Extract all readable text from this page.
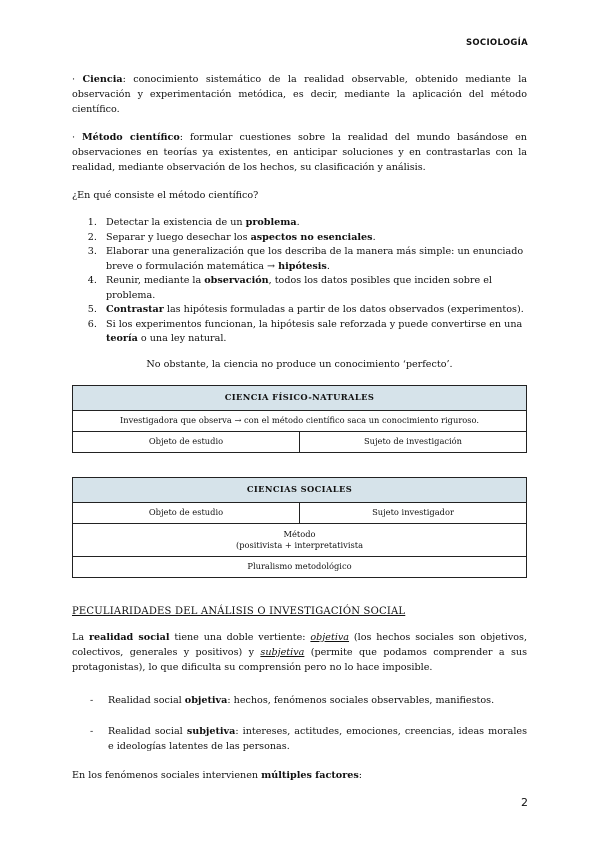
SOCIOLOGÍA

· Ciencia: conocimiento sistemático de la realidad observable, obtenido mediante la observación y experimentación metódica, es decir, mediante la aplicación del método científico.

· Método científico: formular cuestiones sobre la realidad del mundo basándose en observaciones en teorías ya existentes, en anticipar soluciones y en contrastarlas con la realidad, mediante observación de los hechos, su clasificación y análisis.

¿En qué consiste el método científico?

1. Detectar la existencia de un problema.
2. Separar y luego desechar los aspectos no esenciales.
3. Elaborar una generalización que los describa de la manera más simple: un enunciado breve o formulación matemática → hipótesis.
4. Reunir, mediante la observación, todos los datos posibles que inciden sobre el problema.
5. Contrastar las hipótesis formuladas a partir de los datos observados (experimentos).
6. Si los experimentos funcionan, la hipótesis sale reforzada y puede convertirse en una teoría o una ley natural.

No obstante, la ciencia no produce un conocimiento ‘perfecto’.

CIENCIA FÍSICO-NATURALES
Investigadora que observa → con el método científico saca un conocimiento riguroso.
Objeto de estudio	Sujeto de investigación
CIENCIAS SOCIALES
Objeto de estudio	Sujeto investigador

Método
(positivista + interpretativista

Pluralismo metodológico
PECULIARIDADES DEL ANÁLISIS O INVESTIGACIÓN SOCIAL

La realidad social tiene una doble vertiente: objetiva (los hechos sociales son objetivos, colectivos, generales y positivos) y subjetiva (permite que podamos comprender a sus protagonistas), lo que dificulta su comprensión pero no lo hace imposible.

- Realidad social objetiva: hechos, fenómenos sociales observables, manifiestos.
- Realidad social subjetiva: intereses, actitudes, emociones, creencias, ideas morales e ideologías latentes de las personas.

En los fenómenos sociales intervienen múltiples factores:

2
